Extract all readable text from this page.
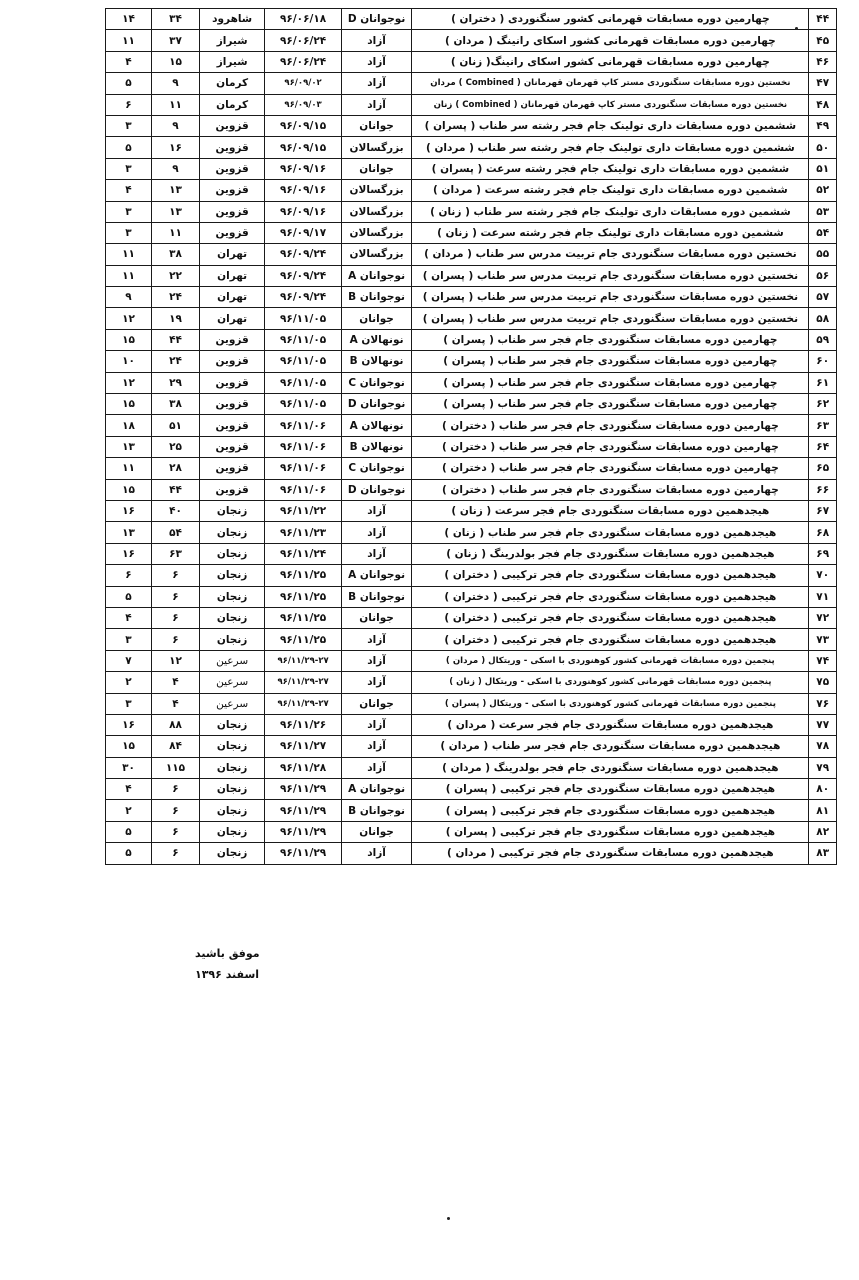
۴۴	چهارمین دوره مسابقات قهرمانی کشور سنگنوردی ( دختران )	نوجوانان D	۹۶/۰۶/۱۸	شاهرود	۳۴	۱۴
۴۵	چهارمین دوره مسابقات قهرمانی کشور اسکای رانینگ ( مردان )	آزاد	۹۶/۰۶/۲۴	شیراز	۳۷	۱۱
۴۶	چهارمین دوره مسابقات قهرمانی کشور اسکای رانینگ( زنان )	آزاد	۹۶/۰۶/۲۴	شیراز	۱۵	۴
۴۷	نخستین دوره مسابقات سنگنوردی مستر کاپ قهرمان قهرمانان ( Combined ) مردان	آزاد	۹۶/۰۹/۰۲	کرمان	۹	۵
۴۸	نخستین دوره مسابقات سنگنوردی مستر کاپ قهرمان قهرمانان ( Combined ) زنان	آزاد	۹۶/۰۹/۰۳	کرمان	۱۱	۶
۴۹	ششمین دوره مسابقات داری تولینک جام فجر رشته سر طناب ( پسران )	جوانان	۹۶/۰۹/۱۵	قزوین	۹	۳
۵۰	ششمین دوره مسابقات داری تولینک جام فجر رشته سر طناب ( مردان )	بزرگسالان	۹۶/۰۹/۱۵	قزوین	۱۶	۵
۵۱	ششمین دوره مسابقات داری تولینک جام فجر رشته سرعت ( پسران )	جوانان	۹۶/۰۹/۱۶	قزوین	۹	۳
۵۲	ششمین دوره مسابقات داری تولینک جام فجر رشته سرعت ( مردان )	بزرگسالان	۹۶/۰۹/۱۶	قزوین	۱۳	۴
۵۳	ششمین دوره مسابقات داری تولینک جام فجر رشته سر طناب ( زنان )	بزرگسالان	۹۶/۰۹/۱۶	قزوین	۱۳	۳
۵۴	ششمین دوره مسابقات داری تولینک جام فجر رشته سرعت ( زنان )	بزرگسالان	۹۶/۰۹/۱۷	قزوین	۱۱	۳
۵۵	نخستین دوره مسابقات سنگنوردی جام تربیت مدرس سر طناب ( مردان )	بزرگسالان	۹۶/۰۹/۲۴	تهران	۳۸	۱۱
۵۶	نخستین دوره مسابقات سنگنوردی جام تربیت مدرس سر طناب ( پسران )	نوجوانان A	۹۶/۰۹/۲۴	تهران	۲۲	۱۱
۵۷	نخستین دوره مسابقات سنگنوردی جام تربیت مدرس سر طناب ( پسران )	نوجوانان B	۹۶/۰۹/۲۴	تهران	۲۴	۹
۵۸	نخستین دوره مسابقات سنگنوردی جام تربیت مدرس سر طناب ( پسران )	جوانان	۹۶/۱۱/۰۵	تهران	۱۹	۱۲
۵۹	چهارمین دوره مسابقات سنگنوردی جام فجر سر طناب ( پسران )	نونهالان A	۹۶/۱۱/۰۵	قزوین	۴۴	۱۵
۶۰	چهارمین دوره مسابقات سنگنوردی جام فجر سر طناب ( پسران )	نونهالان B	۹۶/۱۱/۰۵	قزوین	۲۴	۱۰
۶۱	چهارمین دوره مسابقات سنگنوردی جام فجر سر طناب ( پسران )	نوجوانان C	۹۶/۱۱/۰۵	قزوین	۲۹	۱۲
۶۲	چهارمین دوره مسابقات سنگنوردی جام فجر سر طناب ( پسران )	نوجوانان D	۹۶/۱۱/۰۵	قزوین	۳۸	۱۵
۶۳	چهارمین دوره مسابقات سنگنوردی جام فجر سر طناب ( دختران )	نونهالان A	۹۶/۱۱/۰۶	قزوین	۵۱	۱۸
۶۴	چهارمین دوره مسابقات سنگنوردی جام فجر سر طناب ( دختران )	نونهالان B	۹۶/۱۱/۰۶	قزوین	۲۵	۱۳
۶۵	چهارمین دوره مسابقات سنگنوردی جام فجر سر طناب ( دختران )	نوجوانان C	۹۶/۱۱/۰۶	قزوین	۲۸	۱۱
۶۶	چهارمین دوره مسابقات سنگنوردی جام فجر سر طناب ( دختران )	نوجوانان D	۹۶/۱۱/۰۶	قزوین	۴۴	۱۵
۶۷	هیجدهمین دوره مسابقات سنگنوردی جام فجر سرعت ( زنان )	آزاد	۹۶/۱۱/۲۲	زنجان	۴۰	۱۶
۶۸	هیجدهمین دوره مسابقات سنگنوردی جام فجر سر طناب ( زنان )	آزاد	۹۶/۱۱/۲۳	زنجان	۵۴	۱۳
۶۹	هیجدهمین دوره مسابقات سنگنوردی جام فجر بولدرینگ ( زنان )	آزاد	۹۶/۱۱/۲۴	زنجان	۶۳	۱۶
۷۰	هیجدهمین دوره مسابقات سنگنوردی جام فجر ترکیبی ( دختران )	نوجوانان A	۹۶/۱۱/۲۵	زنجان	۶	۶
۷۱	هیجدهمین دوره مسابقات سنگنوردی جام فجر ترکیبی ( دختران )	نوجوانان B	۹۶/۱۱/۲۵	زنجان	۶	۵
۷۲	هیجدهمین دوره مسابقات سنگنوردی جام فجر ترکیبی ( دختران )	جوانان	۹۶/۱۱/۲۵	زنجان	۶	۴
۷۳	هیجدهمین دوره مسابقات سنگنوردی جام فجر ترکیبی ( دختران )	آزاد	۹۶/۱۱/۲۵	زنجان	۶	۳
۷۴	پنجمین دوره مسابقات قهرمانی کشور کوهنوردی با اسکی - وریتکال ( مردان )	آزاد	۹۶/۱۱/۲۹-۲۷	سرعین	۱۲	۷
۷۵	پنجمین دوره مسابقات قهرمانی کشور کوهنوردی با اسکی - وریتکال ( زنان )	آزاد	۹۶/۱۱/۲۹-۲۷	سرعین	۴	۲
۷۶	پنجمین دوره مسابقات قهرمانی کشور کوهنوردی با اسکی - وریتکال ( پسران )	جوانان	۹۶/۱۱/۲۹-۲۷	سرعین	۴	۳
۷۷	هیجدهمین دوره مسابقات سنگنوردی جام فجر سرعت ( مردان )	آزاد	۹۶/۱۱/۲۶	زنجان	۸۸	۱۶
۷۸	هیجدهمین دوره مسابقات سنگنوردی جام فجر سر طناب ( مردان )	آزاد	۹۶/۱۱/۲۷	زنجان	۸۴	۱۵
۷۹	هیجدهمین دوره مسابقات سنگنوردی جام فجر بولدرینگ ( مردان )	آزاد	۹۶/۱۱/۲۸	زنجان	۱۱۵	۳۰
۸۰	هیجدهمین دوره مسابقات سنگنوردی جام فجر ترکیبی ( پسران )	نوجوانان A	۹۶/۱۱/۲۹	زنجان	۶	۴
۸۱	هیجدهمین دوره مسابقات سنگنوردی جام فجر ترکیبی ( پسران )	نوجوانان B	۹۶/۱۱/۲۹	زنجان	۶	۲
۸۲	هیجدهمین دوره مسابقات سنگنوردی جام فجر ترکیبی ( پسران )	جوانان	۹۶/۱۱/۲۹	زنجان	۶	۵
۸۳	هیجدهمین دوره مسابقات سنگنوردی جام فجر ترکیبی ( مردان )	آزاد	۹۶/۱۱/۲۹	زنجان	۶	۵
موفق باشید
اسفند ۱۳۹۶
